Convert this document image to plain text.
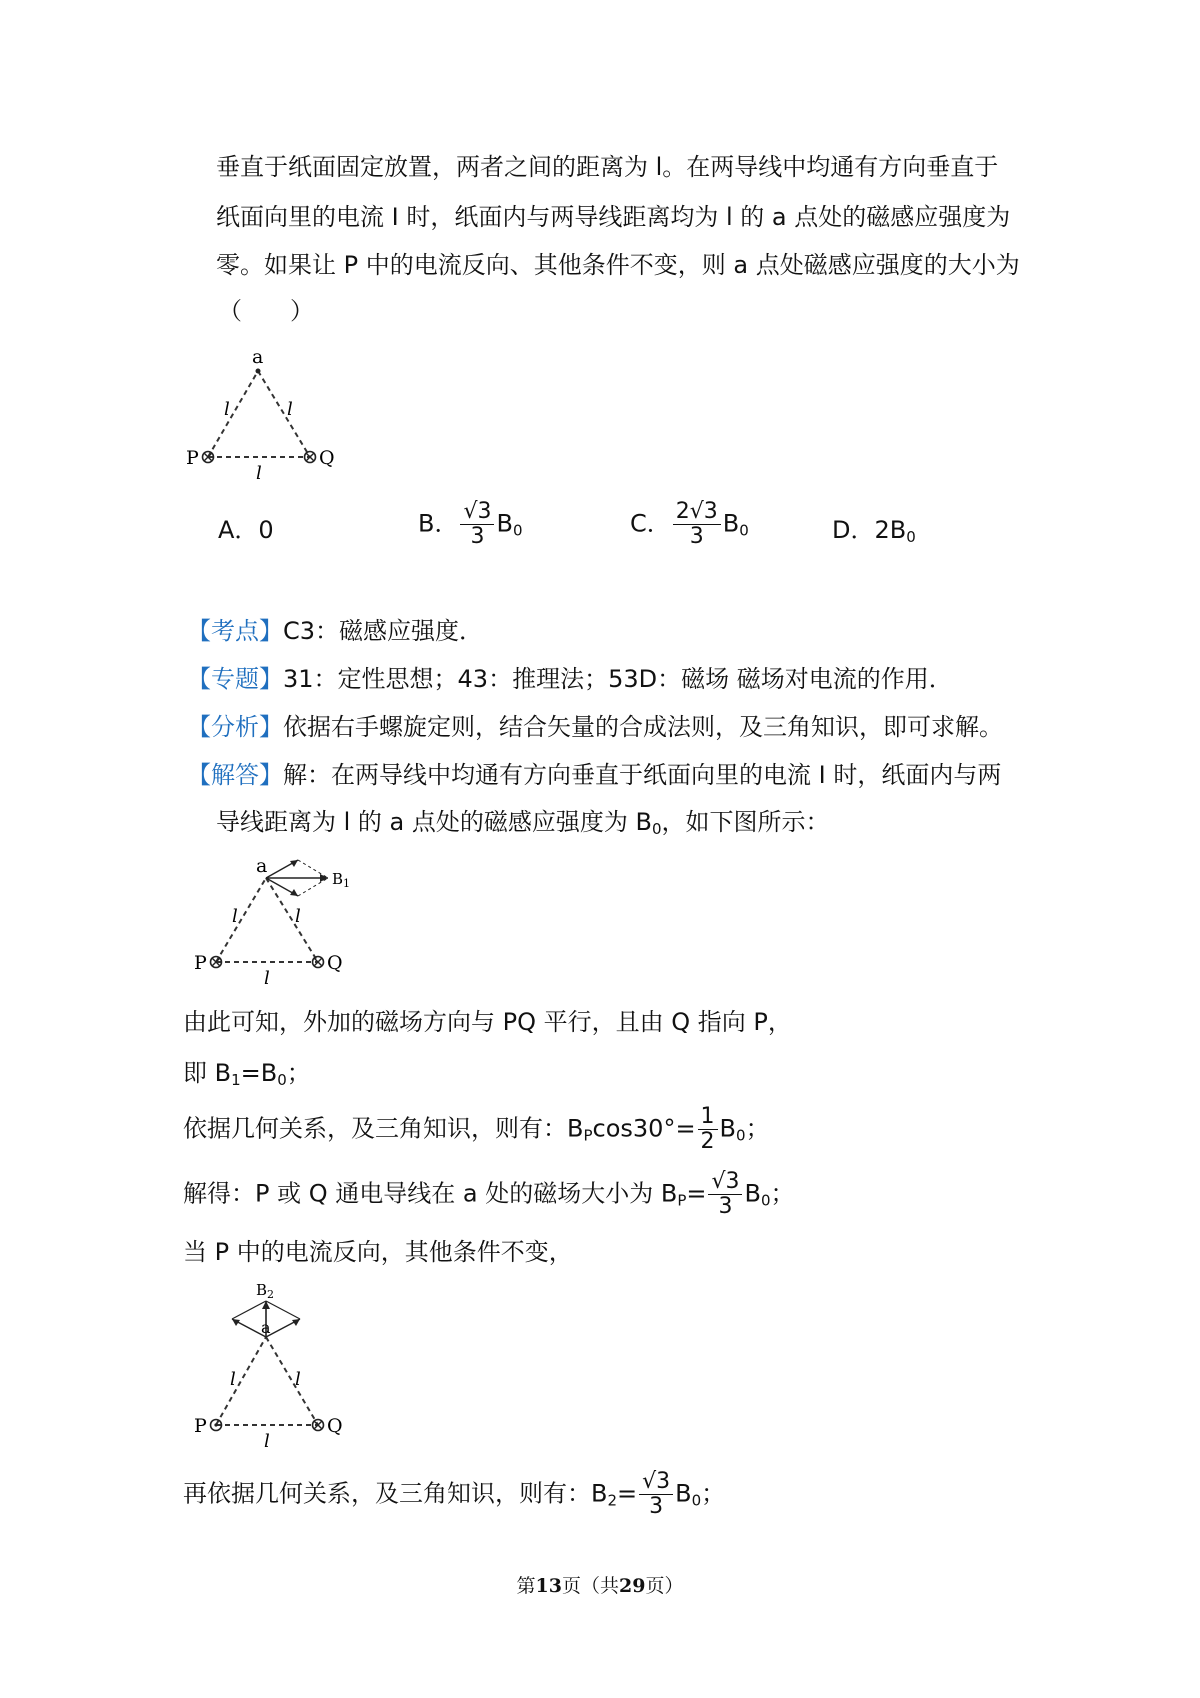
垂直于纸面固定放置，两者之间的距离为 l。在两导线中均通有方向垂直于
纸面向里的电流 I 时，纸面内与两导线距离均为 l 的 a 点处的磁感应强度为
零。如果让 P 中的电流反向、其他条件不变，则 a 点处磁感应强度的大小为
（　　）
a
P	Q
l	l
l
A．0	B． $\frac{√3}{3} B_0$	C． $\frac{2√3}{3} B_0$	D．$2B_0$
【考点】C3：磁感应强度．
【专题】31：定性思想；43：推理法；53D：磁场 磁场对电流的作用．
【分析】依据右手螺旋定则，结合矢量的合成法则，及三角知识，即可求解。
【解答】解：在两导线中均通有方向垂直于纸面向里的电流 I 时，纸面内与两
导线距离为 l 的 a 点处的磁感应强度为 $B_0$，如下图所示：
a
$B_1$
P	Q
l	l
l
由此可知，外加的磁场方向与 PQ 平行，且由 Q 指向 P，
即 $B_1=B_0$；
依据几何关系，及三角知识，则有：$B_P\cos 30^\circ= \frac{1}{2} B_0$；
解得：P 或 Q 通电导线在 a 处的磁场大小为 $B_P= \frac{√3}{3} B_0$；
当 P 中的电流反向，其他条件不变，
$B_2$
a
P	Q
l	l
l
再依据几何关系，及三角知识，则有：$B_2= \frac{√3}{3} B_0$；
第13页（共29页）
